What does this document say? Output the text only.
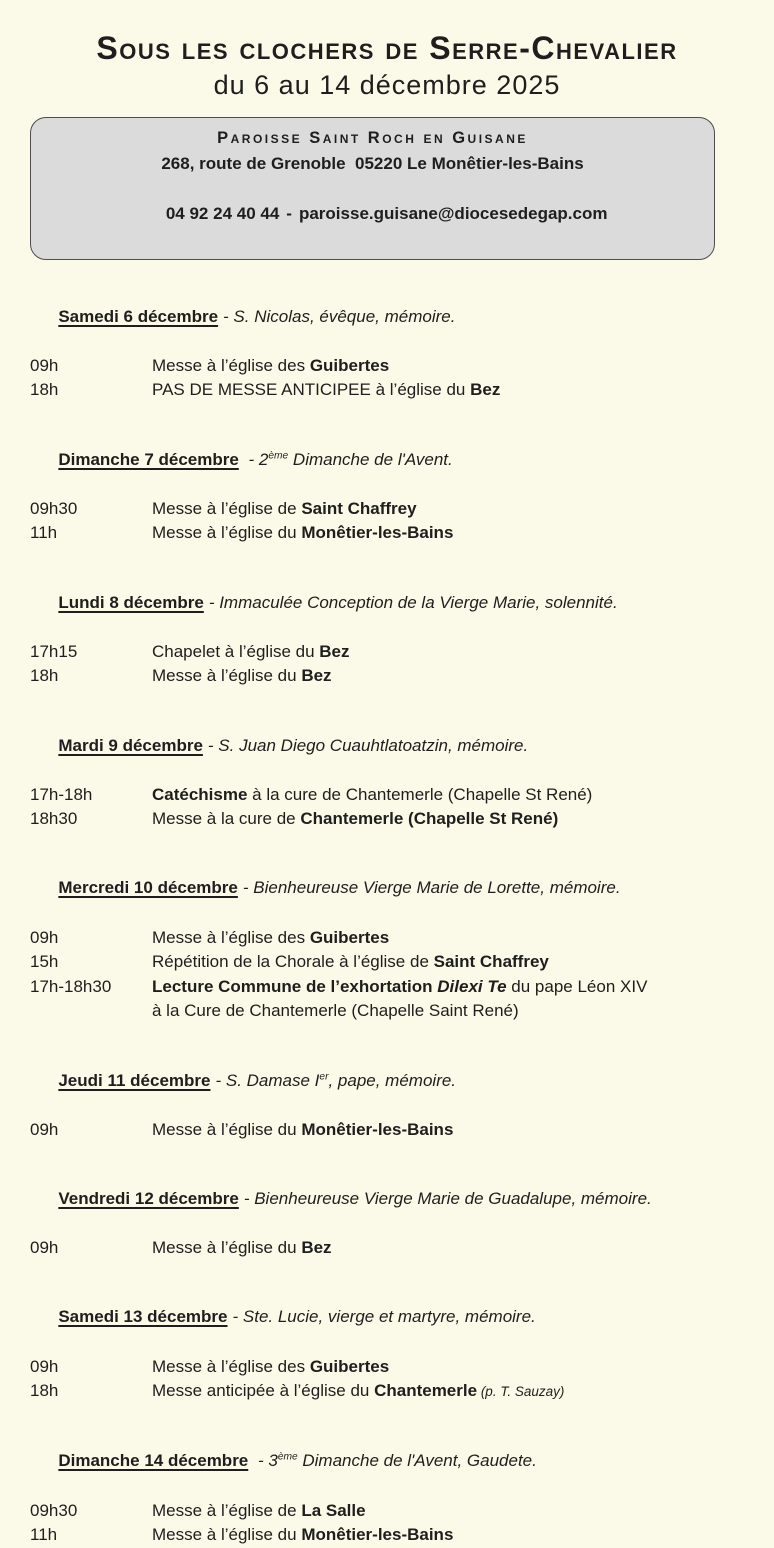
Sous les clochers de Serre-Chevalier
du 6 au 14 décembre 2025
Paroisse Saint Roch en Guisane
268, route de Grenoble  05220 Le Monêtier-les-Bains

04 92 24 40 44 - paroisse.guisane@diocesedegap.com

Samedi 6 décembre - S. Nicolas, évêque, mémoire.

09h	Messe à l’église des Guibertes
18h	PAS DE MESSE ANTICIPEE à l’église du Bez

Dimanche 7 décembre - 2ème Dimanche de l'Avent.

09h30	Messe à l’église de Saint Chaffrey
11h	Messe à l’église du Monêtier-les-Bains

Lundi 8 décembre - Immaculée Conception de la Vierge Marie, solennité.

17h15	Chapelet à l’église du Bez
18h	Messe à l’église du Bez

Mardi 9 décembre - S. Juan Diego Cuauhtlatoatzin, mémoire.

17h-18h	Catéchisme à la cure de Chantemerle (Chapelle St René)
18h30	Messe à la cure de Chantemerle (Chapelle St René)

Mercredi 10 décembre - Bienheureuse Vierge Marie de Lorette, mémoire.

09h	Messe à l’église des Guibertes
15h	Répétition de la Chorale à l’église de Saint Chaffrey
17h-18h30	Lecture Commune de l’exhortation Dilexi Te du pape Léon XIV
à la Cure de Chantemerle (Chapelle Saint René)

Jeudi 11 décembre - S. Damase Ier, pape, mémoire.

09h	Messe à l’église du Monêtier-les-Bains

Vendredi 12 décembre - Bienheureuse Vierge Marie de Guadalupe, mémoire.

09h	Messe à l’église du Bez

Samedi 13 décembre - Ste. Lucie, vierge et martyre, mémoire.

09h	Messe à l’église des Guibertes
18h	Messe anticipée à l’église du Chantemerle (p. T. Sauzay)

Dimanche 14 décembre - 3ème Dimanche de l'Avent, Gaudete.

09h30	Messe à l’église de La Salle
11h	Messe à l’église du Monêtier-les-Bains
